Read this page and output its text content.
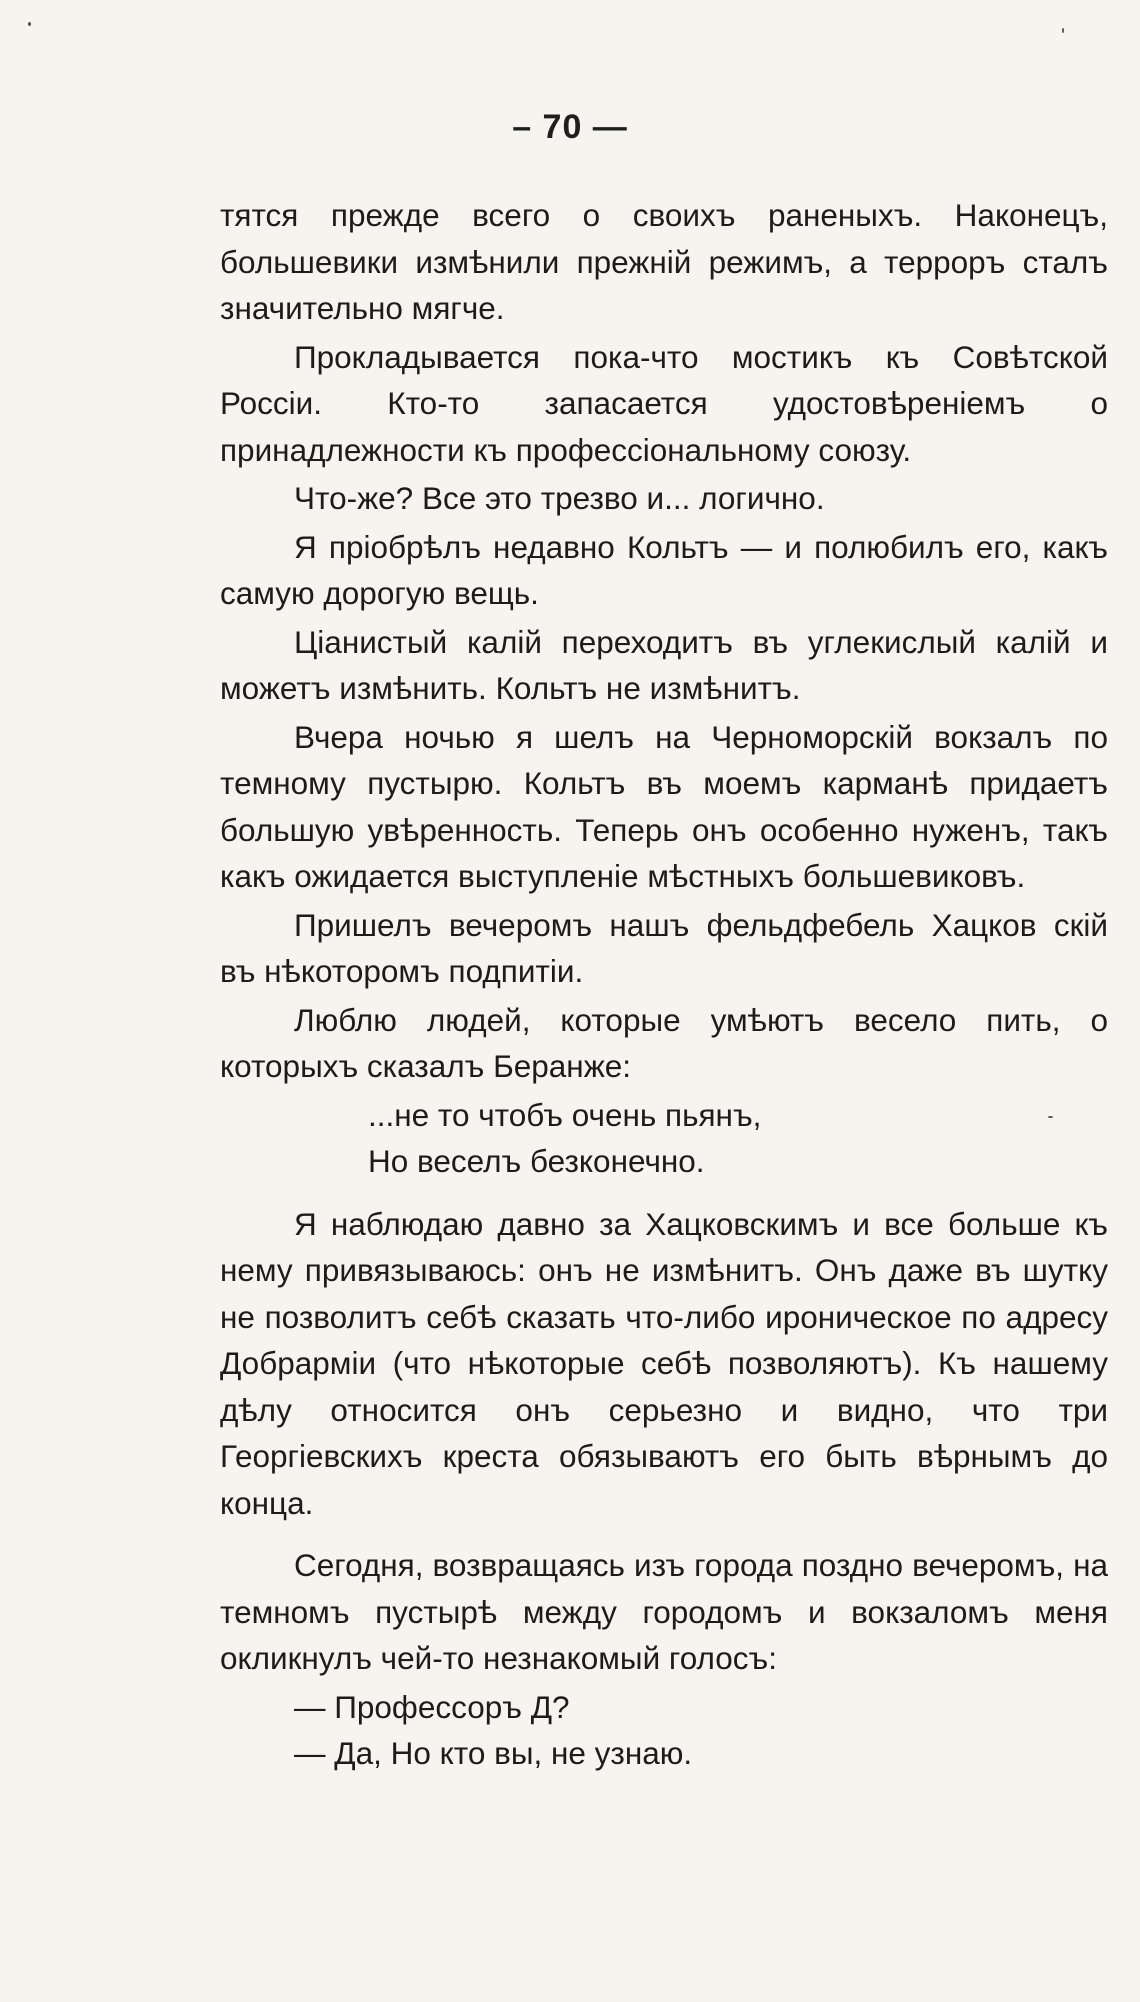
– 70 —

тятся прежде всего о своихъ раненыхъ. Наконецъ, большевики измѣнили прежній режимъ, а терроръ сталъ значительно мягче.

Прокладывается пока-что мостикъ къ Совѣтской Россіи. Кто-то запасается удостовѣреніемъ о принадлежности къ профессіональному союзу.

Что-же? Все это трезво и... логично.

Я пріобрѣлъ недавно Кольтъ — и полюбилъ его, какъ самую дорогую вещь.

Ціанистый калій переходитъ въ углекислый калій и можетъ измѣнить. Кольтъ не измѣнитъ.

Вчера ночью я шелъ на Черноморскій вокзалъ по темному пустырю. Кольтъ въ моемъ карманѣ придаетъ большую увѣренность. Теперь онъ особенно нуженъ, такъ какъ ожидается выступленіе мѣстныхъ большевиковъ.

Пришелъ вечеромъ нашъ фельдфебель Хацков скій въ нѣкоторомъ подпитіи.

Люблю людей, которые умѣютъ весело пить, о которыхъ сказалъ Беранже:

...не то чтобъ очень пьянъ,

Но веселъ безконечно.

Я наблюдаю давно за Хацковскимъ и все больше къ нему привязываюсь: онъ не измѣнитъ. Онъ даже въ шутку не позволитъ себѣ сказать что-либо ироническое по адресу Добрарміи (что нѣкоторые себѣ позволяютъ). Къ нашему дѣлу относится онъ серьезно и видно, что три Георгіевскихъ креста обязываютъ его быть вѣрнымъ до конца.

Сегодня, возвращаясь изъ города поздно вечеромъ, на темномъ пустырѣ между городомъ и вокзаломъ меня окликнулъ чей-то незнакомый голосъ:

— Профессоръ Д?

— Да, Но кто вы, не узнаю.
